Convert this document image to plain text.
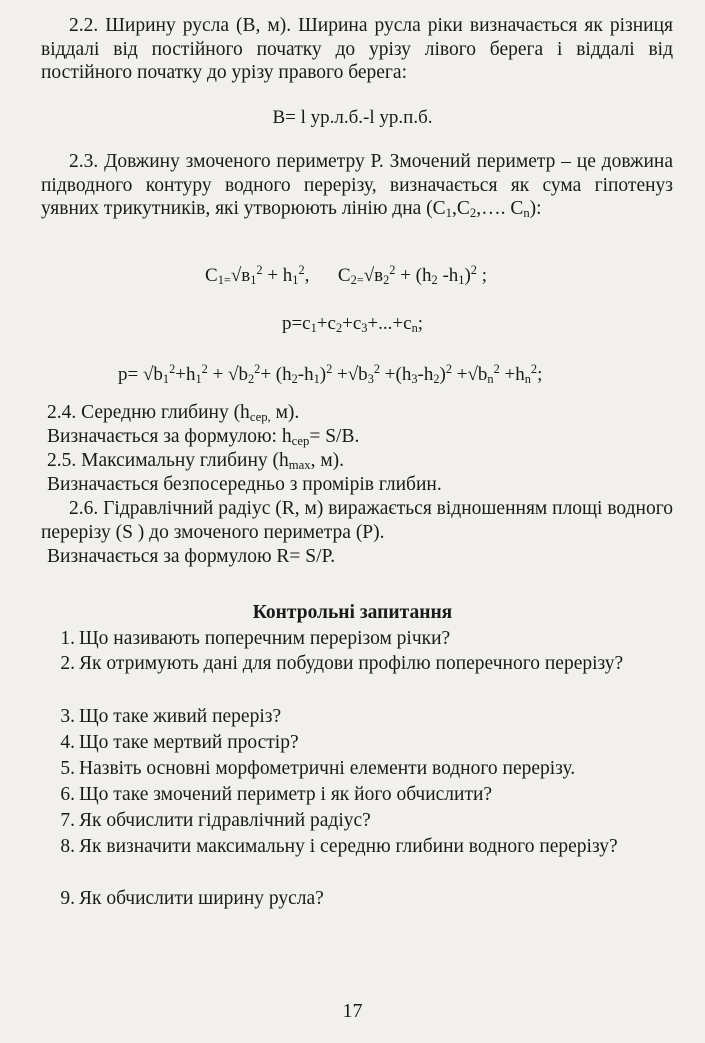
2.2. Ширину русла (В, м). Ширина русла ріки визначається як різниця віддалі від постійного початку до урізу лівого берега і віддалі від постійного початку до урізу правого берега:

В= l ур.л.б.-l ур.п.б.

2.3. Довжину змоченого периметру Р. Змочений периметр – це довжина підводного контуру водного перерізу, визначається як сума гіпотенуз уявних трикутників, які утворюють лінію дна ($С_1,С_2,\dots$. $С_n$):

$С_{1=}√в_1^2 + h_1^2$,      $С_{2=}√в_2^2 + (h_2$ $-h_1)^2$ ;
$р=с_1+с_2+с_3+...+с_n$;
$р= √b_1^2+h_1^2 + √b_2^2+ (h_2-h_1)^2 +√b_3^2 +(h_3-h_2)^2 +√b_n^2 +h_n^2$;

2.4. Середню глибину ($h_{сер,}$ м).

Визначається за формулою: $h_{сер}= S/B$.

2.5. Максимальну глибину ($h_{max}$, м).

Визначається безпосередньо з промірів глибин.

2.6. Гідравлічний радіус (R, м) виражається відношенням площі водного перерізу (S ) до змоченого периметра (Р).

Визначається за формулою R= S/P.

Контрольні запитання
1. Що називають поперечним перерізом річки?
2. Як отримують дані для побудови профілю поперечного перерізу?
3. Що таке живий переріз?
4. Що таке мертвий простір?
5. Назвіть основні морфометричні елементи водного перерізу.
6. Що таке змочений периметр і як його обчислити?
7. Як обчислити гідравлічний радіус?
8. Як визначити максимальну і середню глибини водного перерізу?
9. Як обчислити ширину русла?
17
